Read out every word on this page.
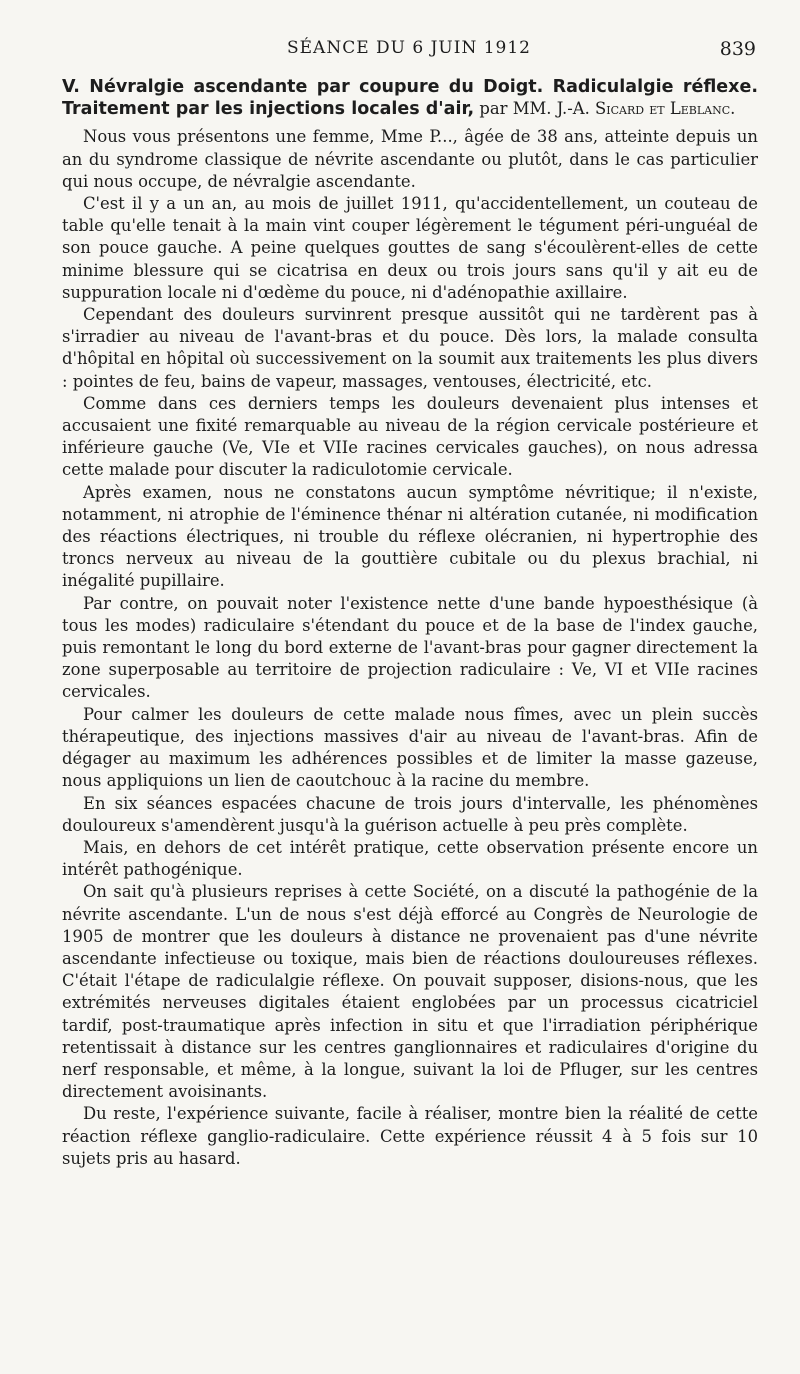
SÉANCE DU 6 JUIN 1912	839

V. Névralgie ascendante par coupure du Doigt. Radiculalgie réflexe. Traitement par les injections locales d'air, par MM. J.-A. Sicard et Leblanc.

Nous vous présentons une femme, Mme P..., âgée de 38 ans, atteinte depuis un an du syndrome classique de névrite ascendante ou plutôt, dans le cas particulier qui nous occupe, de névralgie ascendante.

C'est il y a un an, au mois de juillet 1911, qu'accidentellement, un couteau de table qu'elle tenait à la main vint couper légèrement le tégument péri-unguéal de son pouce gauche. A peine quelques gouttes de sang s'écoulèrent-elles de cette minime blessure qui se cicatrisa en deux ou trois jours sans qu'il y ait eu de suppuration locale ni d'œdème du pouce, ni d'adénopathie axillaire.

Cependant des douleurs survinrent presque aussitôt qui ne tardèrent pas à s'irradier au niveau de l'avant-bras et du pouce. Dès lors, la malade consulta d'hôpital en hôpital où successivement on la soumit aux traitements les plus divers : pointes de feu, bains de vapeur, massages, ventouses, électricité, etc.

Comme dans ces derniers temps les douleurs devenaient plus intenses et accusaient une fixité remarquable au niveau de la région cervicale postérieure et inférieure gauche (Ve, VIe et VIIe racines cervicales gauches), on nous adressa cette malade pour discuter la radiculotomie cervicale.

Après examen, nous ne constatons aucun symptôme névritique; il n'existe, notamment, ni atrophie de l'éminence thénar ni altération cutanée, ni modification des réactions électriques, ni trouble du réflexe olécranien, ni hypertrophie des troncs nerveux au niveau de la gouttière cubitale ou du plexus brachial, ni inégalité pupillaire.

Par contre, on pouvait noter l'existence nette d'une bande hypoesthésique (à tous les modes) radiculaire s'étendant du pouce et de la base de l'index gauche, puis remontant le long du bord externe de l'avant-bras pour gagner directement la zone superposable au territoire de projection radiculaire : Ve, VI et VIIe racines cervicales.

Pour calmer les douleurs de cette malade nous fîmes, avec un plein succès thérapeutique, des injections massives d'air au niveau de l'avant-bras. Afin de dégager au maximum les adhérences possibles et de limiter la masse gazeuse, nous appliquions un lien de caoutchouc à la racine du membre.

En six séances espacées chacune de trois jours d'intervalle, les phénomènes douloureux s'amendèrent jusqu'à la guérison actuelle à peu près complète.

Mais, en dehors de cet intérêt pratique, cette observation présente encore un intérêt pathogénique.

On sait qu'à plusieurs reprises à cette Société, on a discuté la pathogénie de la névrite ascendante. L'un de nous s'est déjà efforcé au Congrès de Neurologie de 1905 de montrer que les douleurs à distance ne provenaient pas d'une névrite ascendante infectieuse ou toxique, mais bien de réactions douloureuses réflexes. C'était l'étape de radiculalgie réflexe. On pouvait supposer, disions-nous, que les extrémités nerveuses digitales étaient englobées par un processus cicatriciel tardif, post-traumatique après infection in situ et que l'irradiation périphérique retentissait à distance sur les centres ganglionnaires et radiculaires d'origine du nerf responsable, et même, à la longue, suivant la loi de Pfluger, sur les centres directement avoisinants.

Du reste, l'expérience suivante, facile à réaliser, montre bien la réalité de cette réaction réflexe ganglio-radiculaire. Cette expérience réussit 4 à 5 fois sur 10 sujets pris au hasard.
